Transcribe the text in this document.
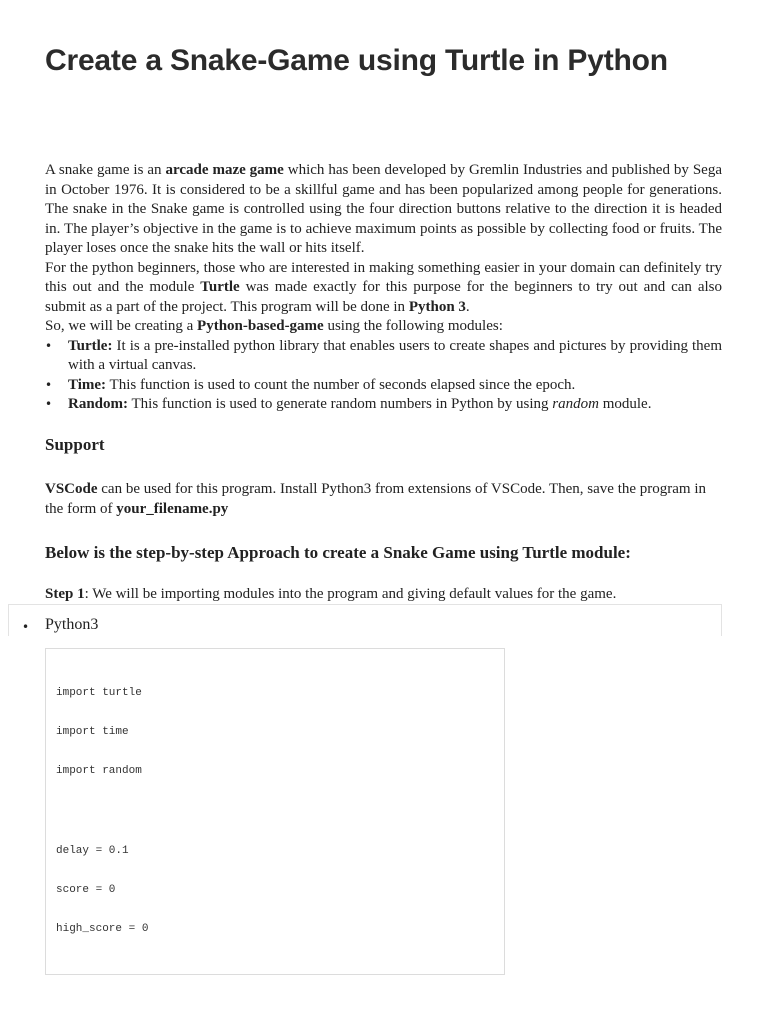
Create a Snake-Game using Turtle in Python

A snake game is an arcade maze game which has been developed by Gremlin Industries and published by Sega in October 1976. It is considered to be a skillful game and has been popularized among people for generations. The snake in the Snake game is controlled using the four direction buttons relative to the direction it is headed in. The player’s objective in the game is to achieve maximum points as possible by collecting food or fruits. The player loses once the snake hits the wall or hits itself.

For the python beginners, those who are interested in making something easier in your domain can definitely try this out and the module Turtle was made exactly for this purpose for the beginners to try out and can also submit as a part of the project. This program will be done in Python 3.

So, we will be creating a Python-based-game using the following modules:

• Turtle: It is a pre-installed python library that enables users to create shapes and pictures by providing them with a virtual canvas.
• Time: This function is used to count the number of seconds elapsed since the epoch.
• Random: This function is used to generate random numbers in Python by using random module.
Support

VSCode can be used for this program. Install Python3 from extensions of VSCode. Then, save the program in the form of your_filename.py

Below is the step-by-step Approach to create a Snake Game using Turtle module:

Step 1: We will be importing modules into the program and giving default values for the game.

• Python3
import turtle
import time
import random
delay = 0.1
score = 0
high_score = 0
